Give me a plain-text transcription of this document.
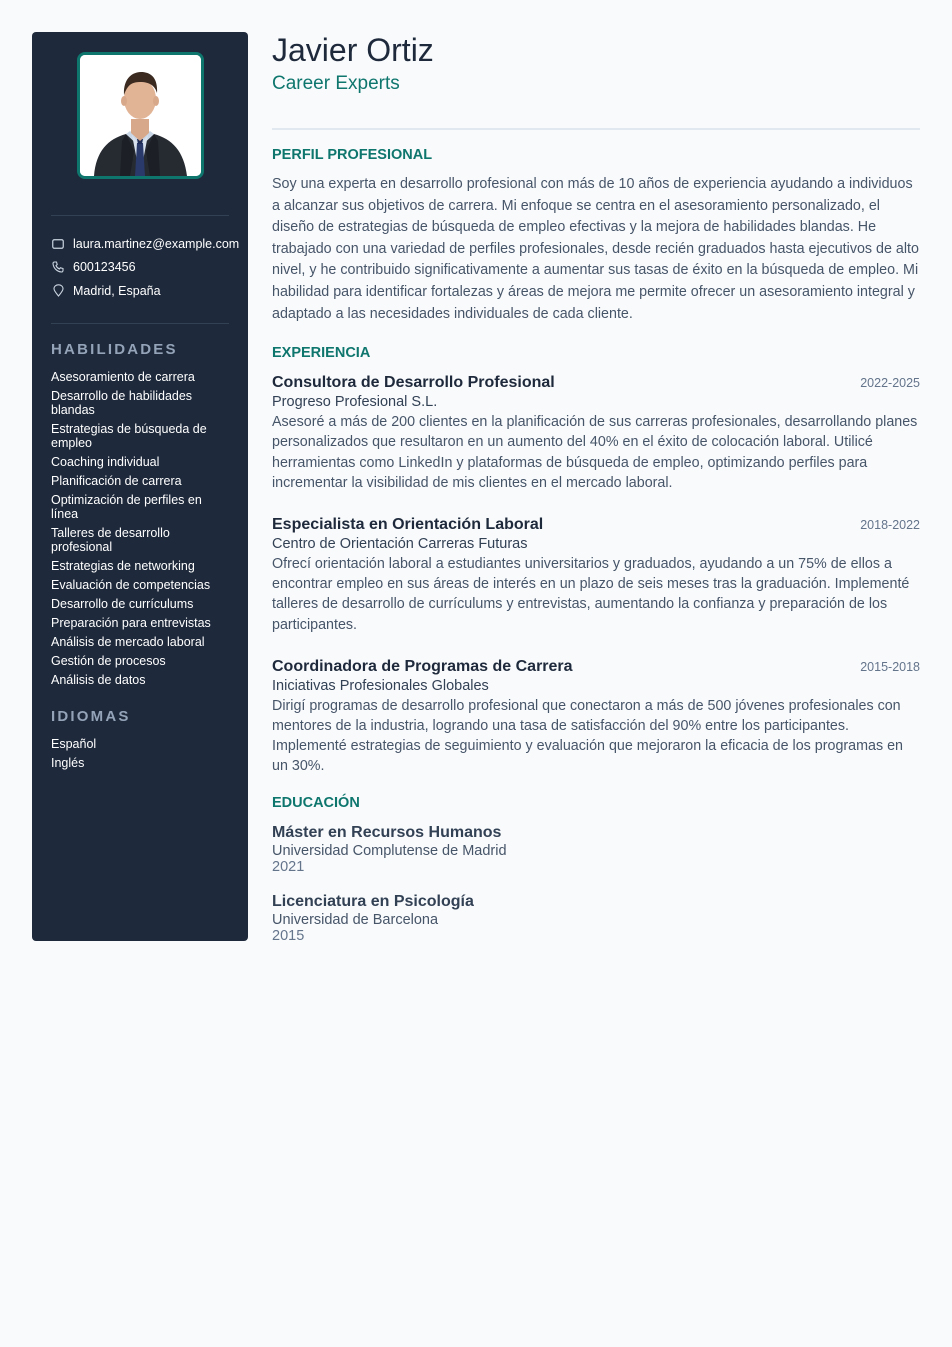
laura.martinez@example.com
600123456
Madrid, España
HABILIDADES
Asesoramiento de carrera
Desarrollo de habilidades blandas
Estrategias de búsqueda de empleo
Coaching individual
Planificación de carrera
Optimización de perfiles en línea
Talleres de desarrollo profesional
Estrategias de networking
Evaluación de competencias
Desarrollo de currículums
Preparación para entrevistas
Análisis de mercado laboral
Gestión de procesos
Análisis de datos
IDIOMAS
Español
Inglés
Javier Ortiz
Career Experts
PERFIL PROFESIONAL

Soy una experta en desarrollo profesional con más de 10 años de experiencia ayudando a individuos a alcanzar sus objetivos de carrera. Mi enfoque se centra en el asesoramiento personalizado, el diseño de estrategias de búsqueda de empleo efectivas y la mejora de habilidades blandas. He trabajado con una variedad de perfiles profesionales, desde recién graduados hasta ejecutivos de alto nivel, y he contribuido significativamente a aumentar sus tasas de éxito en la búsqueda de empleo. Mi habilidad para identificar fortalezas y áreas de mejora me permite ofrecer un asesoramiento integral y adaptado a las necesidades individuales de cada cliente.

EXPERIENCIA
Consultora de Desarrollo Profesional	2022-2025
Progreso Profesional S.L.

Asesoré a más de 200 clientes en la planificación de sus carreras profesionales, desarrollando planes personalizados que resultaron en un aumento del 40% en el éxito de colocación laboral. Utilicé herramientas como LinkedIn y plataformas de búsqueda de empleo, optimizando perfiles para incrementar la visibilidad de mis clientes en el mercado laboral.

Especialista en Orientación Laboral	2018-2022
Centro de Orientación Carreras Futuras

Ofrecí orientación laboral a estudiantes universitarios y graduados, ayudando a un 75% de ellos a encontrar empleo en sus áreas de interés en un plazo de seis meses tras la graduación. Implementé talleres de desarrollo de currículums y entrevistas, aumentando la confianza y preparación de los participantes.

Coordinadora de Programas de Carrera	2015-2018
Iniciativas Profesionales Globales

Dirigí programas de desarrollo profesional que conectaron a más de 500 jóvenes profesionales con mentores de la industria, logrando una tasa de satisfacción del 90% entre los participantes. Implementé estrategias de seguimiento y evaluación que mejoraron la eficacia de los programas en un 30%.

EDUCACIÓN
Máster en Recursos Humanos
Universidad Complutense de Madrid
2021
Licenciatura en Psicología
Universidad de Barcelona
2015
